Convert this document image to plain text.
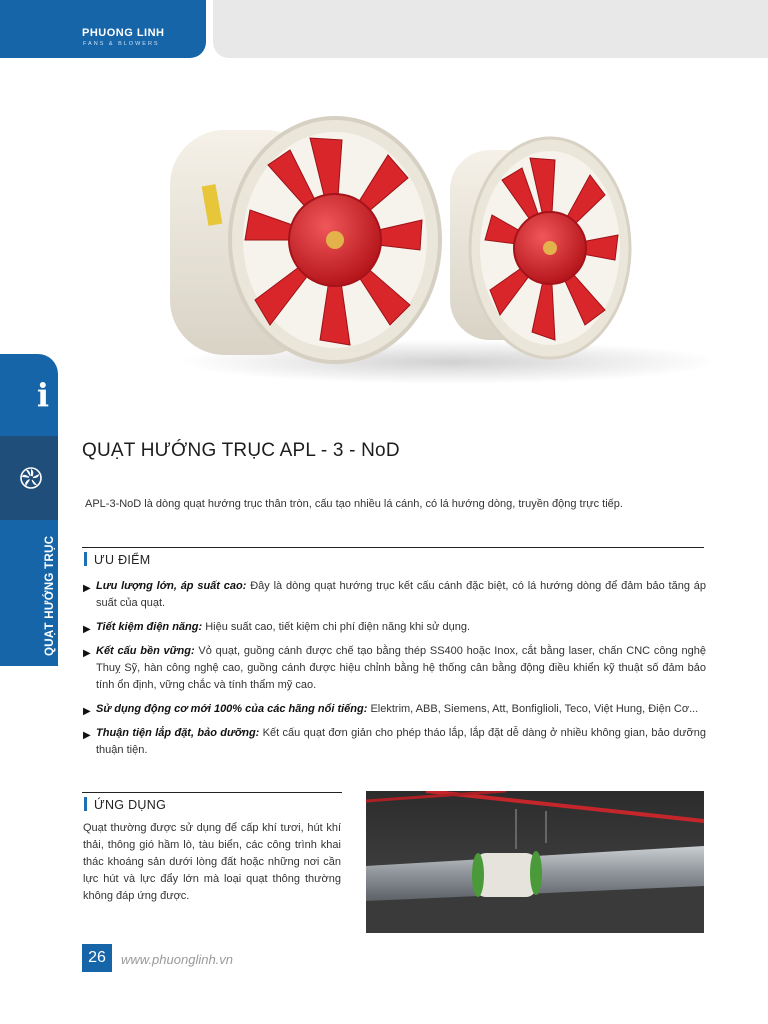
PHUONG LINH
FANS & BLOWERS
i
QUẠT HƯỚNG TRỤC
QUẠT HƯỚNG TRỤC APL - 3 - NoD
APL-3-NoD là dòng quạt hướng trục thân tròn, cấu tạo nhiều lá cánh, có lá hướng dòng, truyền động trực tiếp.
ƯU ĐIỂM
▶ Lưu lượng lớn, áp suất cao: Đây là dòng quạt hướng trục kết cấu cánh đặc biệt, có lá hướng dòng để đảm bảo tăng áp suất của quạt.
▶ Tiết kiệm điện năng: Hiệu suất cao, tiết kiệm chi phí điện năng khi sử dụng.
▶ Kết cấu bền vững: Vỏ quạt, guồng cánh được chế tạo bằng thép SS400 hoặc Inox, cắt bằng laser, chấn CNC công nghệ Thuỵ Sỹ, hàn công nghệ cao, guồng cánh được hiệu chỉnh bằng hệ thống cân bằng động điều khiển kỹ thuật số đảm bảo tính ổn định, vững chắc và tính thẩm mỹ cao.
▶ Sử dụng động cơ mới 100% của các hãng nổi tiếng: Elektrim, ABB, Siemens, Att, Bonfiglioli, Teco, Việt Hung, Điện Cơ...
▶ Thuận tiện lắp đặt, bảo dưỡng: Kết cấu quạt đơn giản cho phép tháo lắp, lắp đặt dễ dàng ở nhiều không gian, bảo dưỡng thuận tiện.
ỨNG DỤNG
Quạt thường được sử dụng để cấp khí tươi, hút khí thải, thông gió hầm lò, tàu biển, các công trình khai thác khoáng sản dưới lòng đất hoặc những nơi cần lực hút và lực đẩy lớn mà loại quạt thông thường không đáp ứng được.
26	www.phuonglinh.vn
